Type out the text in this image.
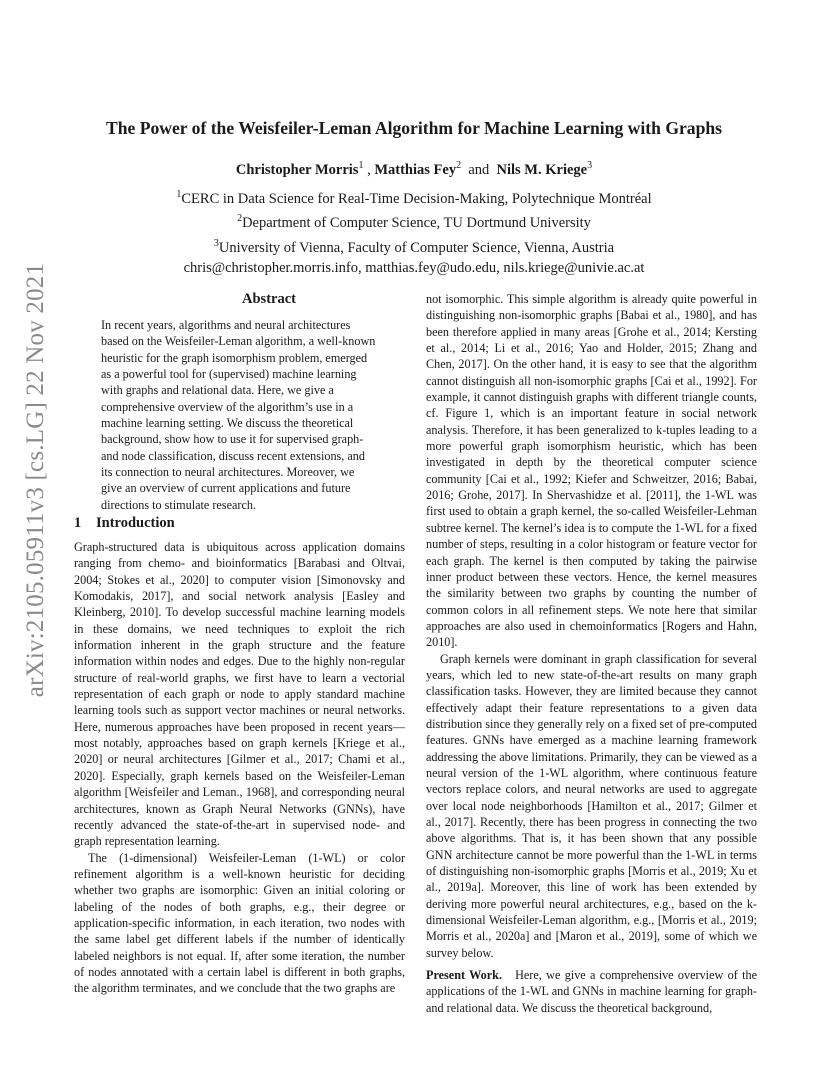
arXiv:2105.05911v3 [cs.LG] 22 Nov 2021
The Power of the Weisfeiler-Leman Algorithm for Machine Learning with Graphs
Christopher Morris$^1$ , Matthias Fey$^2$  and  Nils M. Kriege$^3$
$^1$CERC in Data Science for Real-Time Decision-Making, Polytechnique Montréal
$^2$Department of Computer Science, TU Dortmund University
$^3$University of Vienna, Faculty of Computer Science, Vienna, Austria
chris@christopher.morris.info, matthias.fey@udo.edu, nils.kriege@univie.ac.at
Abstract
In recent years, algorithms and neural architectures based on the Weisfeiler-Leman algorithm, a well-known heuristic for the graph isomorphism problem, emerged as a powerful tool for (supervised) machine learning with graphs and relational data. Here, we give a comprehensive overview of the algorithm’s use in a machine learning setting. We discuss the theoretical background, show how to use it for supervised graph- and node classification, discuss recent extensions, and its connection to neural architectures. Moreover, we give an overview of current applications and future directions to stimulate research.
1 Introduction

Graph-structured data is ubiquitous across application domains ranging from chemo- and bioinformatics [Barabasi and Oltvai, 2004; Stokes et al., 2020] to computer vision [Simonovsky and Komodakis, 2017], and social network analysis [Easley and Kleinberg, 2010]. To develop successful machine learning models in these domains, we need techniques to exploit the rich information inherent in the graph structure and the feature information within nodes and edges. Due to the highly non-regular structure of real-world graphs, we first have to learn a vectorial representation of each graph or node to apply standard machine learning tools such as support vector machines or neural networks. Here, numerous approaches have been proposed in recent years—most notably, approaches based on graph kernels [Kriege et al., 2020] or neural architectures [Gilmer et al., 2017; Chami et al., 2020]. Especially, graph kernels based on the Weisfeiler-Leman algorithm [Weisfeiler and Leman., 1968], and corresponding neural architectures, known as Graph Neural Networks (GNNs), have recently advanced the state-of-the-art in supervised node- and graph representation learning.

The (1-dimensional) Weisfeiler-Leman (1-WL) or color refinement algorithm is a well-known heuristic for deciding whether two graphs are isomorphic: Given an initial coloring or labeling of the nodes of both graphs, e.g., their degree or application-specific information, in each iteration, two nodes with the same label get different labels if the number of identically labeled neighbors is not equal. If, after some iteration, the number of nodes annotated with a certain label is different in both graphs, the algorithm terminates, and we conclude that the two graphs are

not isomorphic. This simple algorithm is already quite powerful in distinguishing non-isomorphic graphs [Babai et al., 1980], and has been therefore applied in many areas [Grohe et al., 2014; Kersting et al., 2014; Li et al., 2016; Yao and Holder, 2015; Zhang and Chen, 2017]. On the other hand, it is easy to see that the algorithm cannot distinguish all non-isomorphic graphs [Cai et al., 1992]. For example, it cannot distinguish graphs with different triangle counts, cf. Figure 1, which is an important feature in social network analysis. Therefore, it has been generalized to k-tuples leading to a more powerful graph isomorphism heuristic, which has been investigated in depth by the theoretical computer science community [Cai et al., 1992; Kiefer and Schweitzer, 2016; Babai, 2016; Grohe, 2017]. In Shervashidze et al. [2011], the 1-WL was first used to obtain a graph kernel, the so-called Weisfeiler-Lehman subtree kernel. The kernel’s idea is to compute the 1-WL for a fixed number of steps, resulting in a color histogram or feature vector for each graph. The kernel is then computed by taking the pairwise inner product between these vectors. Hence, the kernel measures the similarity between two graphs by counting the number of common colors in all refinement steps. We note here that similar approaches are also used in chemoinformatics [Rogers and Hahn, 2010].

Graph kernels were dominant in graph classification for several years, which led to new state-of-the-art results on many graph classification tasks. However, they are limited because they cannot effectively adapt their feature representations to a given data distribution since they generally rely on a fixed set of pre-computed features. GNNs have emerged as a machine learning framework addressing the above limitations. Primarily, they can be viewed as a neural version of the 1-WL algorithm, where continuous feature vectors replace colors, and neural networks are used to aggregate over local node neighborhoods [Hamilton et al., 2017; Gilmer et al., 2017]. Recently, there has been progress in connecting the two above algorithms. That is, it has been shown that any possible GNN architecture cannot be more powerful than the 1-WL in terms of distinguishing non-isomorphic graphs [Morris et al., 2019; Xu et al., 2019a]. Moreover, this line of work has been extended by deriving more powerful neural architectures, e.g., based on the k-dimensional Weisfeiler-Leman algorithm, e.g., [Morris et al., 2019; Morris et al., 2020a] and [Maron et al., 2019], some of which we survey below.

Present Work. Here, we give a comprehensive overview of the applications of the 1-WL and GNNs in machine learning for graph- and relational data. We discuss the theoretical background,
